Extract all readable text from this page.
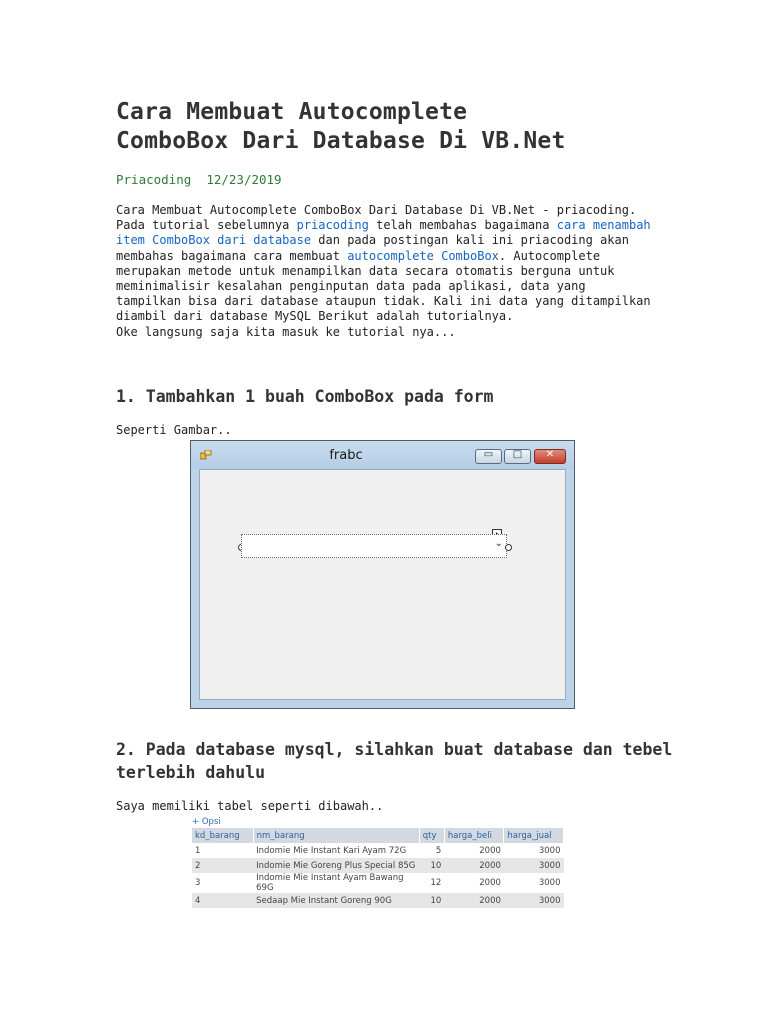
Cara Membuat Autocomplete
ComboBox Dari Database Di VB.Net
Priacoding 12/23/2019
Cara Membuat Autocomplete ComboBox Dari Database Di VB.Net - priacoding. Pada tutorial sebelumnya priacoding telah membahas bagaimana cara menambah item ComboBox dari database dan pada postingan kali ini priacoding akan membahas bagaimana cara membuat autocomplete ComboBox. Autocomplete merupakan metode untuk menampilkan data secara otomatis berguna untuk meminimalisir kesalahan penginputan data pada aplikasi, data yang tampilkan bisa dari database ataupun tidak. Kali ini data yang ditampilkan diambil dari database MySQL Berikut adalah tutorialnya.
Oke langsung saja kita masuk ke tutorial nya...
1. Tambahkan 1 buah ComboBox pada form
Seperti Gambar..
frabc	▭	□	✕
⌄
2. Pada database mysql, silahkan buat database dan tebel terlebih dahulu
Saya memiliki tabel seperti dibawah..
+ Opsi
kd_barang	nm_barang	qty	harga_beli	harga_jual
1	Indomie Mie Instant Kari Ayam 72G	5	2000	3000
2	Indomie Mie Goreng Plus Special 85G	10	2000	3000
3	Indomie Mie Instant Ayam Bawang 69G	12	2000	3000
4	Sedaap Mie Instant Goreng 90G	10	2000	3000
